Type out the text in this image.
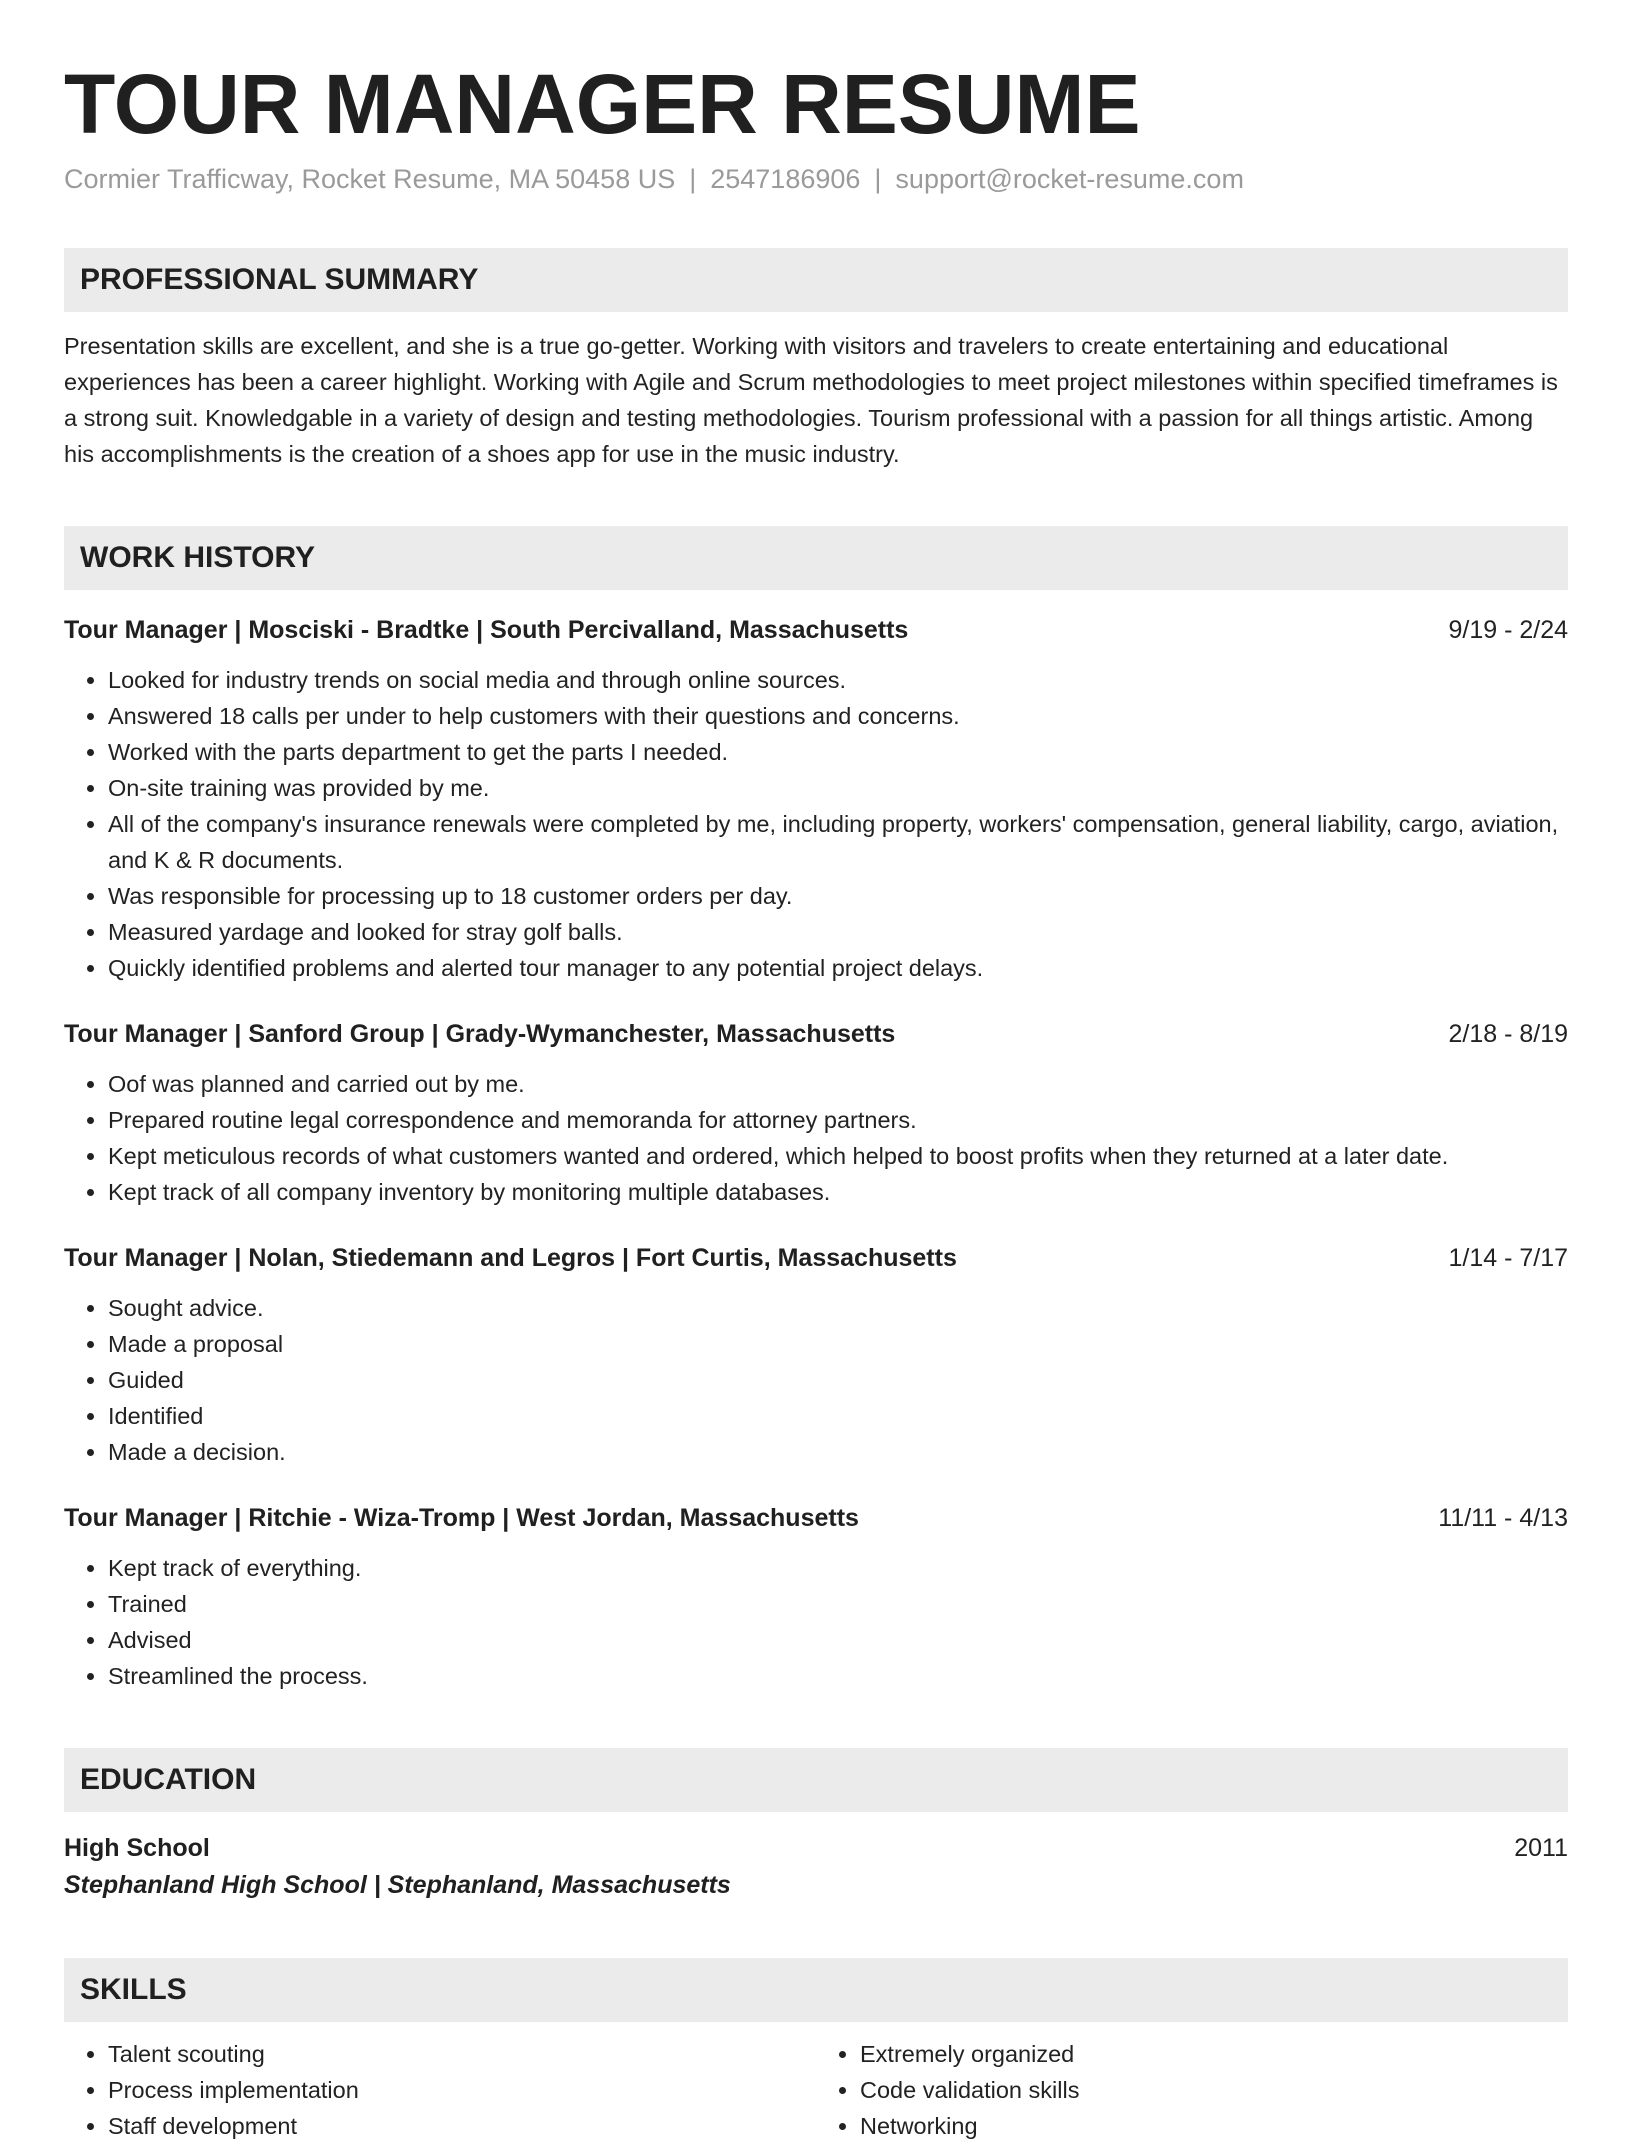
TOUR MANAGER RESUME
Cormier Trafficway, Rocket Resume, MA 50458 US | 2547186906 | support@rocket-resume.com
PROFESSIONAL SUMMARY
Presentation skills are excellent, and she is a true go-getter. Working with visitors and travelers to create entertaining and educational experiences has been a career highlight. Working with Agile and Scrum methodologies to meet project milestones within specified timeframes is a strong suit. Knowledgable in a variety of design and testing methodologies. Tourism professional with a passion for all things artistic. Among his accomplishments is the creation of a shoes app for use in the music industry.
WORK HISTORY
Tour Manager | Mosciski - Bradtke | South Percivalland, Massachusetts	9/19 - 2/24
• Looked for industry trends on social media and through online sources.
• Answered 18 calls per under to help customers with their questions and concerns.
• Worked with the parts department to get the parts I needed.
• On-site training was provided by me.
• All of the company's insurance renewals were completed by me, including property, workers' compensation, general liability, cargo, aviation, and K & R documents.
• Was responsible for processing up to 18 customer orders per day.
• Measured yardage and looked for stray golf balls.
• Quickly identified problems and alerted tour manager to any potential project delays.
Tour Manager | Sanford Group | Grady-Wymanchester, Massachusetts	2/18 - 8/19
• Oof was planned and carried out by me.
• Prepared routine legal correspondence and memoranda for attorney partners.
• Kept meticulous records of what customers wanted and ordered, which helped to boost profits when they returned at a later date.
• Kept track of all company inventory by monitoring multiple databases.
Tour Manager | Nolan, Stiedemann and Legros | Fort Curtis, Massachusetts	1/14 - 7/17
• Sought advice.
• Made a proposal
• Guided
• Identified
• Made a decision.
Tour Manager | Ritchie - Wiza-Tromp | West Jordan, Massachusetts	11/11 - 4/13
• Kept track of everything.
• Trained
• Advised
• Streamlined the process.
EDUCATION
High School	2011
Stephanland High School | Stephanland, Massachusetts
SKILLS
• Talent scouting
• Process implementation
• Staff development
• Extremely organized
• Code validation skills
• Networking
